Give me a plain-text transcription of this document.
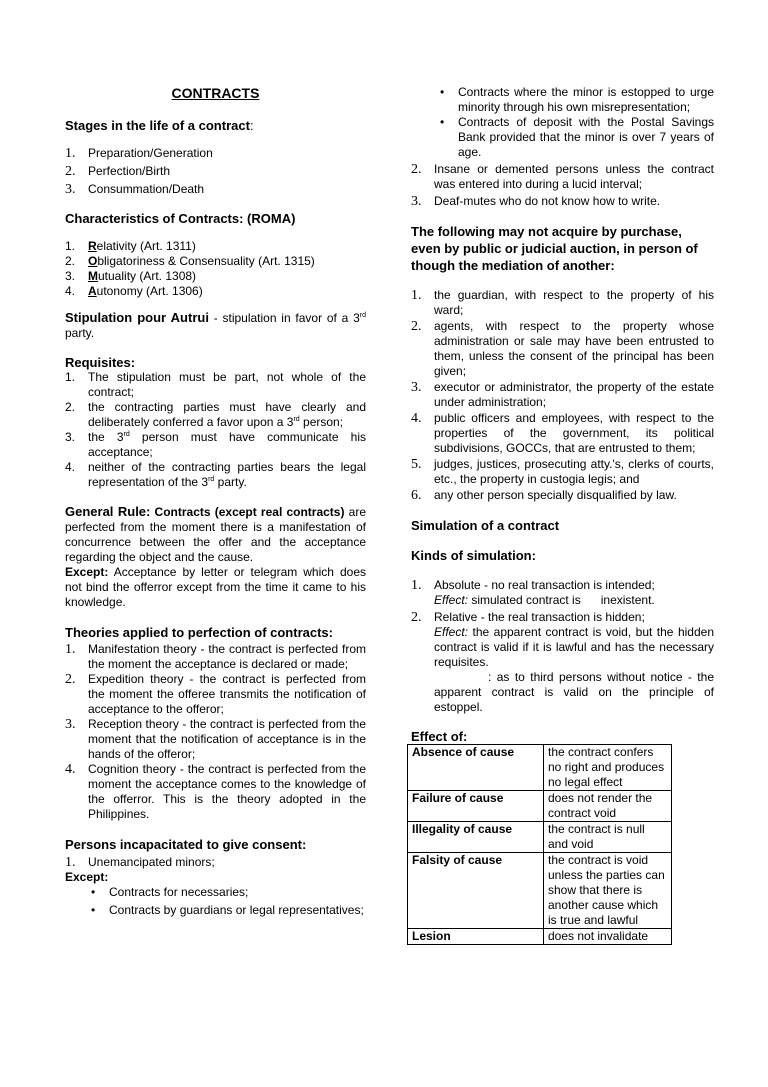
CONTRACTS

Stages in the life of a contract:

1. Preparation/Generation
2. Perfection/Birth
3. Consummation/Death

Characteristics of Contracts: (ROMA)

1. Relativity (Art. 1311)
2. Obligatoriness & Consensuality (Art. 1315)
3. Mutuality (Art. 1308)
4. Autonomy (Art. 1306)

Stipulation pour Autrui - stipulation in favor of a 3rd party.

Requisites:

1. The stipulation must be part, not whole of the contract;
2. the contracting parties must have clearly and deliberately conferred a favor upon a 3rd person;
3. the 3rd person must have communicate his acceptance;
4. neither of the contracting parties bears the legal representation of the 3rd party.

General Rule: Contracts (except real contracts) are perfected from the moment there is a manifestation of concurrence between the offer and the acceptance regarding the object and the cause.

Except: Acceptance by letter or telegram which does not bind the offerror except from the time it came to his knowledge.

Theories applied to perfection of contracts:

1. Manifestation theory - the contract is perfected from the moment the acceptance is declared or made;
2. Expedition theory - the contract is perfected from the moment the offeree transmits the notification of acceptance to the offeror;
3. Reception theory - the contract is perfected from the moment that the notification of acceptance is in the hands of the offeror;
4. Cognition theory - the contract is perfected from the moment the acceptance comes to the knowledge of the offerror. This is the theory adopted in the Philippines.

Persons incapacitated to give consent:

1. Unemancipated minors;

Except:

• Contracts for necessaries;
• Contracts by guardians or legal representatives;
• Contracts where the minor is estopped to urge minority through his own misrepresentation;
• Contracts of deposit with the Postal Savings Bank provided that the minor is over 7 years of age.
2. Insane or demented persons unless the contract was entered into during a lucid interval;
3. Deaf-mutes who do not know how to write.

The following may not acquire by purchase, even by public or judicial auction, in person of though the mediation of another:

1. the guardian, with respect to the property of his ward;
2. agents, with respect to the property whose administration or sale may have been entrusted to them, unless the consent of the principal has been given;
3. executor or administrator, the property of the estate under administration;
4. public officers and employees, with respect to the properties of the government, its political subdivisions, GOCCs, that are entrusted to them;
5. judges, justices, prosecuting atty.'s, clerks of courts, etc., the property in custogia legis; and
6. any other person specially disqualified by law.

Simulation of a contract

Kinds of simulation:

1. Absolute - no real transaction is intended;
Effect: simulated contract is      inexistent.
2. Relative - the real transaction is hidden;
Effect: the apparent contract is void, but the hidden contract is valid if it is lawful and has the necessary requisites.
: as to third persons without notice - the apparent contract is valid on the principle of estoppel.

Effect of:

Absence of cause	the contract confers no right and produces no legal effect
Failure of cause	does not render the contract void
Illegality of cause	the contract is null and void
Falsity of cause	the contract is void unless the parties can show that there is another cause which is true and lawful
Lesion	does not invalidate
